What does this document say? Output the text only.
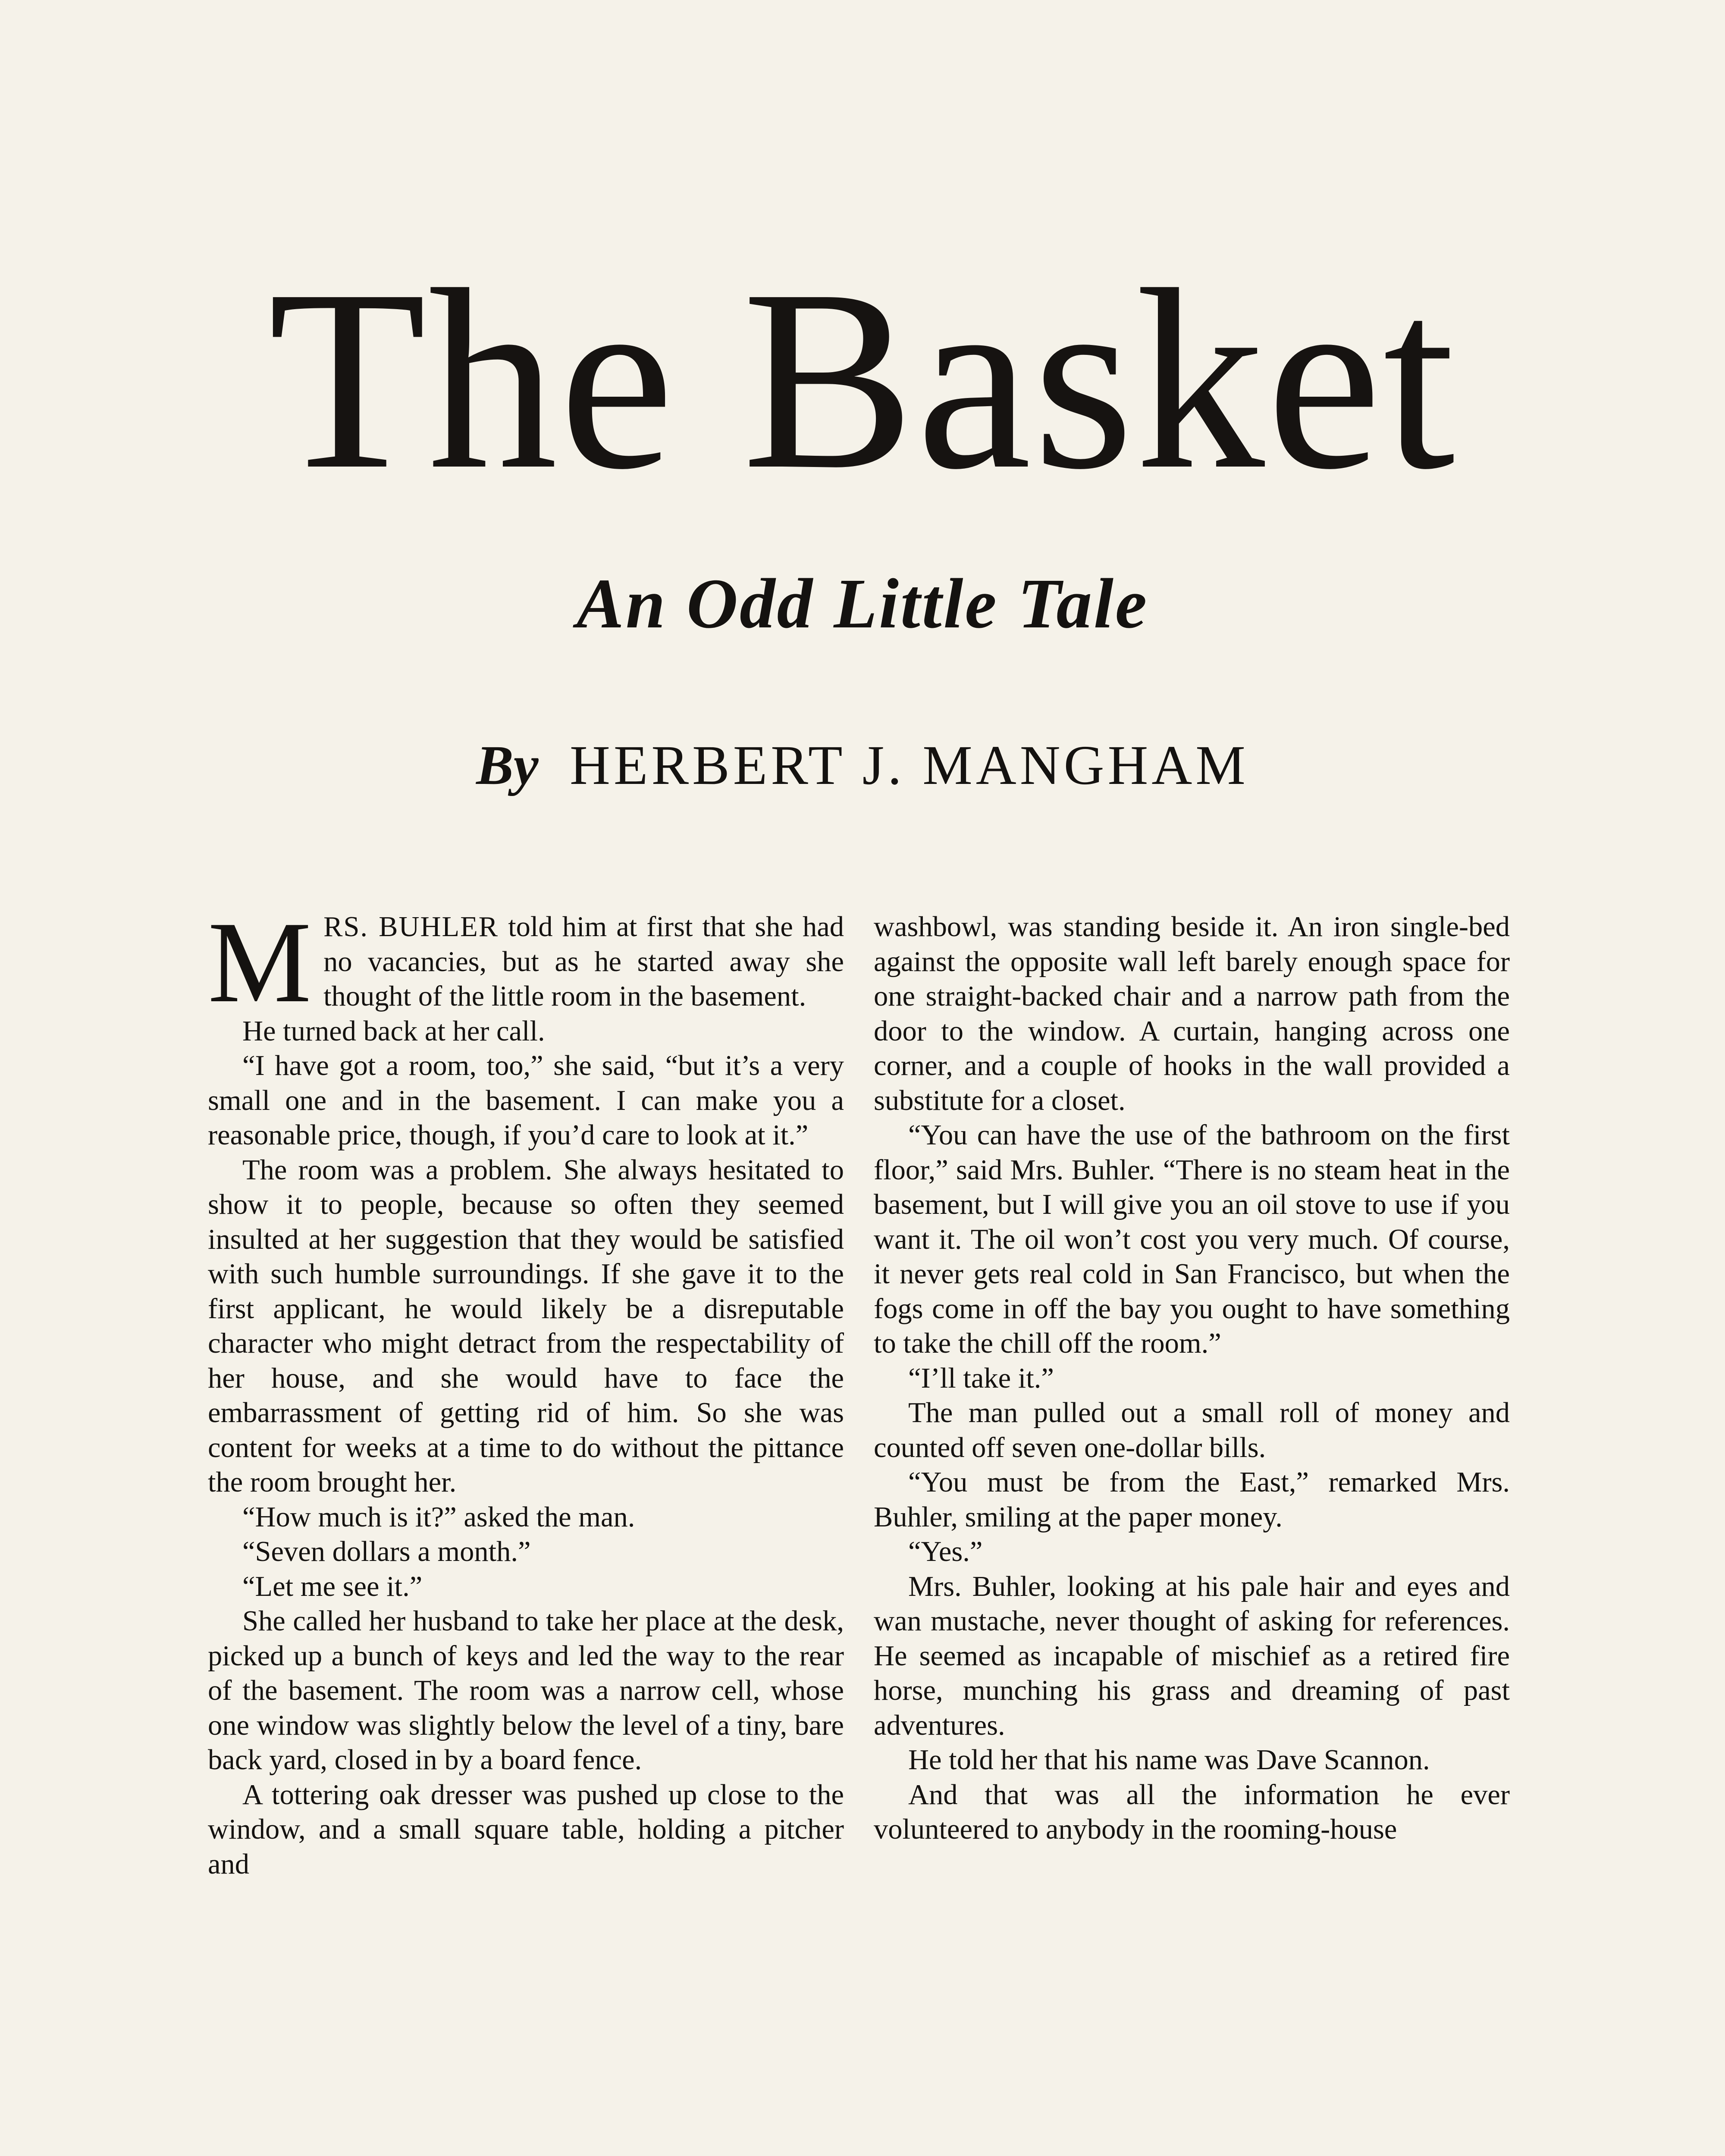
The Basket
An Odd Little Tale
By HERBERT J. MANGHAM

MRS. BUHLER told him at first that she had no vacancies, but as he started away she thought of the little room in the basement.

He turned back at her call.

“I have got a room, too,” she said, “but it’s a very small one and in the basement. I can make you a reasonable price, though, if you’d care to look at it.”

The room was a problem. She always hesitated to show it to people, because so often they seemed insulted at her suggestion that they would be satisfied with such humble surroundings. If she gave it to the first applicant, he would likely be a disreputable character who might detract from the respectability of her house, and she would have to face the embarrassment of getting rid of him. So she was content for weeks at a time to do without the pittance the room brought her.

“How much is it?” asked the man.

“Seven dollars a month.”

“Let me see it.”

She called her husband to take her place at the desk, picked up a bunch of keys and led the way to the rear of the basement. The room was a narrow cell, whose one window was slightly below the level of a tiny, bare back yard, closed in by a board fence.

A tottering oak dresser was pushed up close to the window, and a small square table, holding a pitcher and

washbowl, was standing beside it. An iron single-bed against the opposite wall left barely enough space for one straight-backed chair and a narrow path from the door to the window. A curtain, hanging across one corner, and a couple of hooks in the wall provided a substitute for a closet.

“You can have the use of the bathroom on the first floor,” said Mrs. Buhler. “There is no steam heat in the basement, but I will give you an oil stove to use if you want it. The oil won’t cost you very much. Of course, it never gets real cold in San Francisco, but when the fogs come in off the bay you ought to have something to take the chill off the room.”

“I’ll take it.”

The man pulled out a small roll of money and counted off seven one-dollar bills.

“You must be from the East,” remarked Mrs. Buhler, smiling at the paper money.

“Yes.”

Mrs. Buhler, looking at his pale hair and eyes and wan mustache, never thought of asking for references. He seemed as incapable of mischief as a retired fire horse, munching his grass and dreaming of past adventures.

He told her that his name was Dave Scannon.

And that was all the information he ever volunteered to anybody in the rooming-house
